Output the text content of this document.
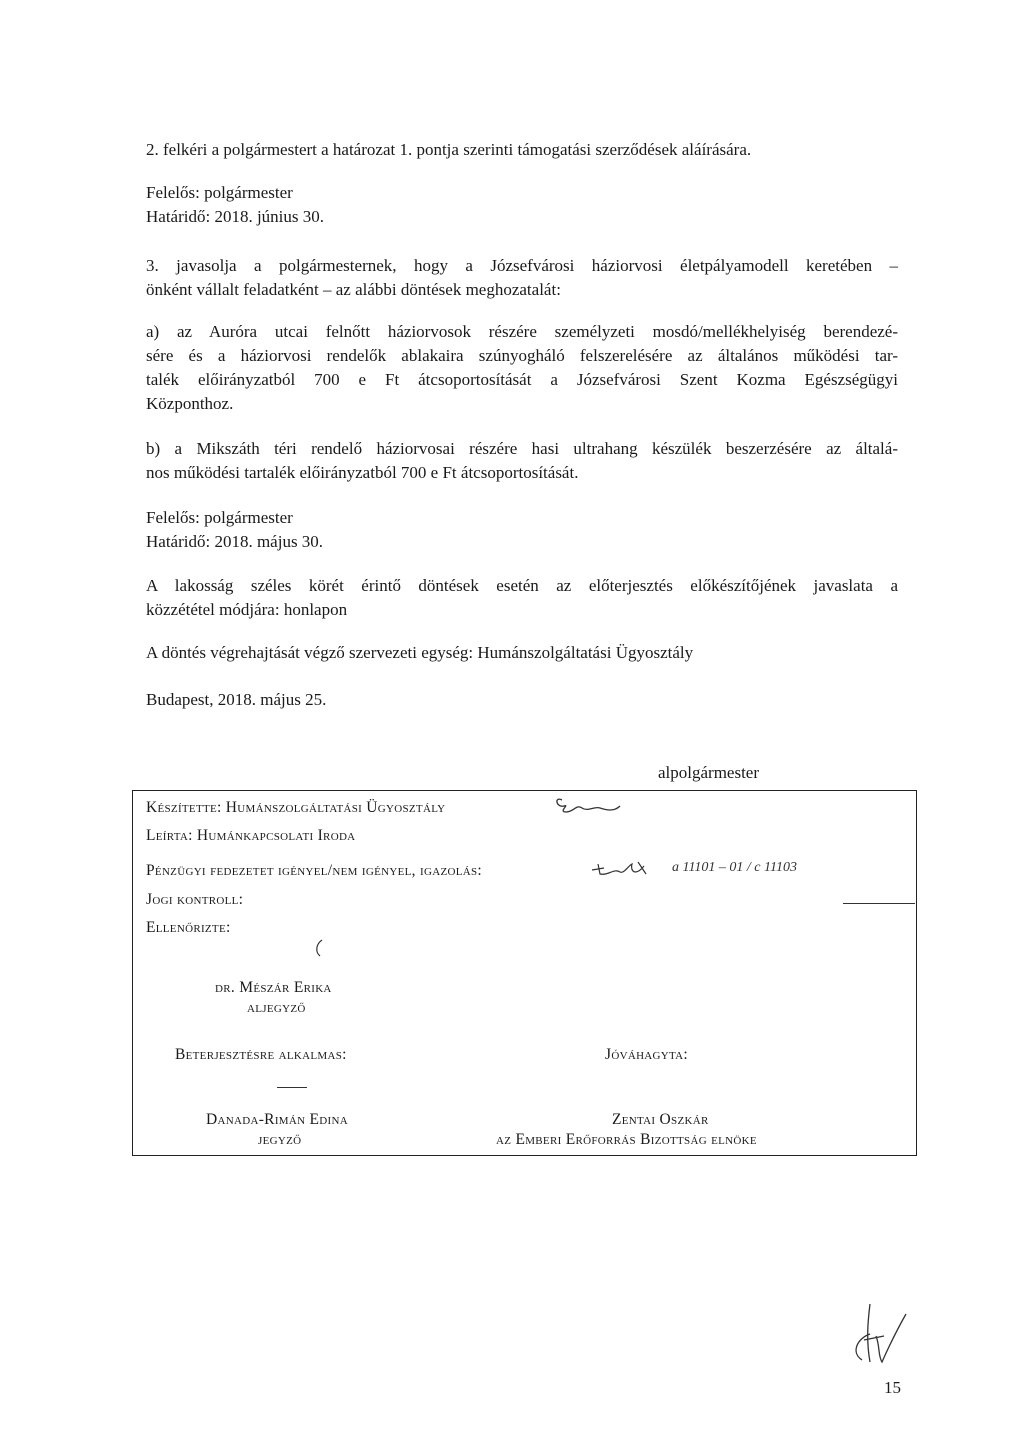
2. felkéri a polgármestert a határozat 1. pontja szerinti támogatási szerződések aláírására.
Felelős: polgármester
Határidő: 2018. június 30.
3. javasolja a polgármesternek, hogy a Józsefvárosi háziorvosi életpályamodell keretében –
önként vállalt feladatként – az alábbi döntések meghozatalát:
a) az Auróra utcai felnőtt háziorvosok részére személyzeti mosdó/mellékhelyiség berendezé-
sére és a háziorvosi rendelők ablakaira szúnyogháló felszerelésére az általános működési tar-
talék előirányzatból 700 e Ft átcsoportosítását a Józsefvárosi Szent Kozma Egészségügyi
Központhoz.
b) a Mikszáth téri rendelő háziorvosai részére hasi ultrahang készülék beszerzésére az általá-
nos működési tartalék előirányzatból 700 e Ft átcsoportosítását.
Felelős: polgármester
Határidő: 2018. május 30.
A lakosság széles körét érintő döntések esetén az előterjesztés előkészítőjének javaslata a
közzététel módjára: honlapon
A döntés végrehajtását végző szervezeti egység: Humánszolgáltatási Ügyosztály
Budapest, 2018. május 25.
alpolgármester
Készítette: Humánszolgáltatási Ügyosztály
Leírta: Humánkapcsolati Iroda
Pénzügyi fedezetet igényel/nem igényel, igazolás:	a 11101 – 01 / c 11103
Jogi kontroll:
Ellenőrizte:
dr. Mészár Erika
aljegyző
Beterjesztésre alkalmas:	Jóváhagyta:
Danada-Rimán Edina
jegyző
Zentai Oszkár
az Emberi Erőforrás Bizottság elnöke
15
